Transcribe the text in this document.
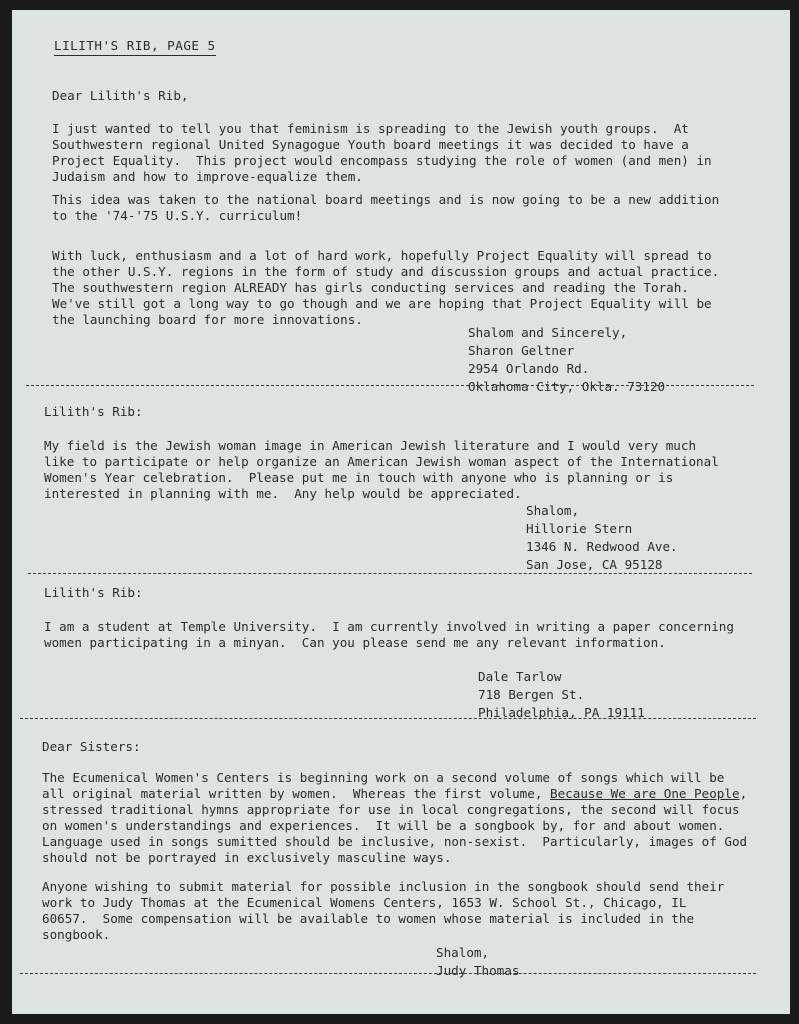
LILITH'S RIB, PAGE 5

Dear Lilith's Rib,

I just wanted to tell you that feminism is spreading to the Jewish youth groups.  At Southwestern regional United Synagogue Youth board meetings it was decided to have a Project Equality.  This project would encompass studying the role of women (and men) in Judaism and how to improve-equalize them.

This idea was taken to the national board meetings and is now going to be a new addition to the '74-'75 U.S.Y. curriculum!

With luck, enthusiasm and a lot of hard work, hopefully Project Equality will spread to the other U.S.Y. regions in the form of study and discussion groups and actual practice. The southwestern region ALREADY has girls conducting services and reading the Torah. We've still got a long way to go though and we are hoping that Project Equality will be the launching board for more innovations.

Shalom and Sincerely,
Sharon Geltner
2954 Orlando Rd.
Oklahoma City, Okla. 73120

Lilith's Rib:

My field is the Jewish woman image in American Jewish literature and I would very much like to participate or help organize an American Jewish woman aspect of the International Women's Year celebration.  Please put me in touch with anyone who is planning or is interested in planning with me.  Any help would be appreciated.

Shalom,
Hillorie Stern
1346 N. Redwood Ave.
San Jose, CA 95128

Lilith's Rib:

I am a student at Temple University.  I am currently involved in writing a paper concerning women participating in a minyan.  Can you please send me any relevant information.

Dale Tarlow
718 Bergen St.
Philadelphia, PA 19111

Dear Sisters:

The Ecumenical Women's Centers is beginning work on a second volume of songs which will be all original material written by women.  Whereas the first volume, Because We are One People, stressed traditional hymns appropriate for use in local congregations, the second will focus on women's understandings and experiences.  It will be a songbook by, for and about women.  Language used in songs sumitted should be inclusive, non-sexist.  Particularly, images of God should not be portrayed in exclusively masculine ways.

Anyone wishing to submit material for possible inclusion in the songbook should send their work to Judy Thomas at the Ecumenical Womens Centers, 1653 W. School St., Chicago, IL 60657.  Some compensation will be available to women whose material is included in the songbook.

Shalom,
Judy Thomas
